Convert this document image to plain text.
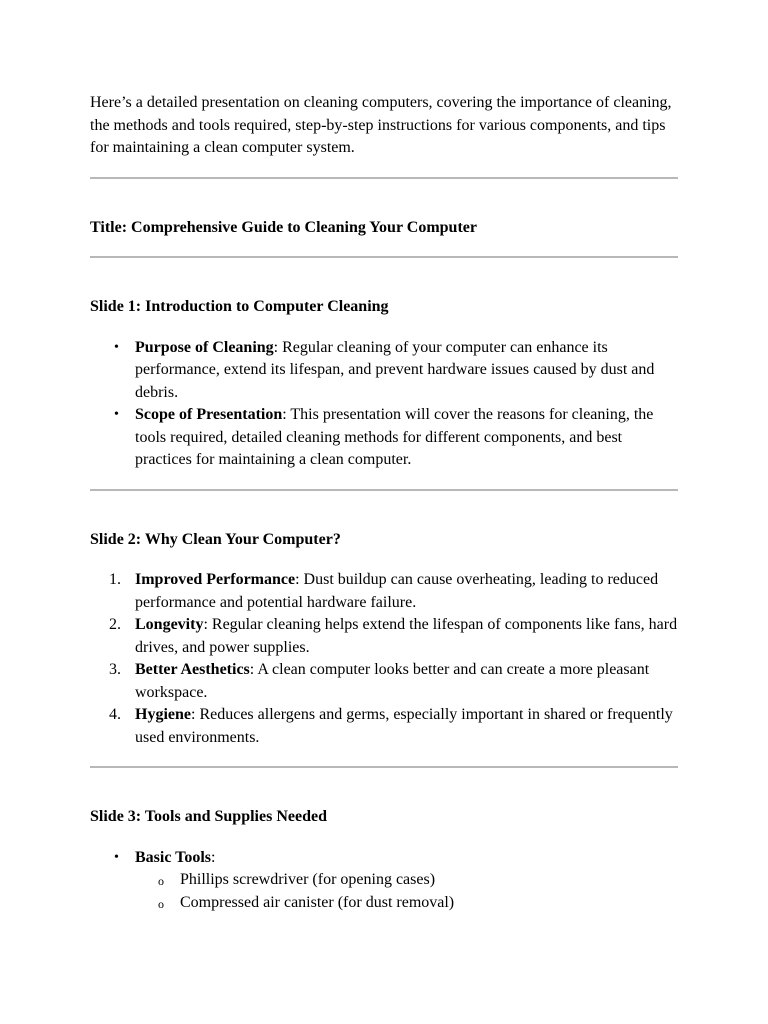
Here’s a detailed presentation on cleaning computers, covering the importance of cleaning, the methods and tools required, step-by-step instructions for various components, and tips for maintaining a clean computer system.

Title: Comprehensive Guide to Cleaning Your Computer

Slide 1: Introduction to Computer Cleaning

• Purpose of Cleaning: Regular cleaning of your computer can enhance its performance, extend its lifespan, and prevent hardware issues caused by dust and debris.
• Scope of Presentation: This presentation will cover the reasons for cleaning, the tools required, detailed cleaning methods for different components, and best practices for maintaining a clean computer.

Slide 2: Why Clean Your Computer?

1. Improved Performance: Dust buildup can cause overheating, leading to reduced performance and potential hardware failure.
2. Longevity: Regular cleaning helps extend the lifespan of components like fans, hard drives, and power supplies.
3. Better Aesthetics: A clean computer looks better and can create a more pleasant workspace.
4. Hygiene: Reduces allergens and germs, especially important in shared or frequently used environments.

Slide 3: Tools and Supplies Needed

• Basic Tools:
o Phillips screwdriver (for opening cases)
o Compressed air canister (for dust removal)
